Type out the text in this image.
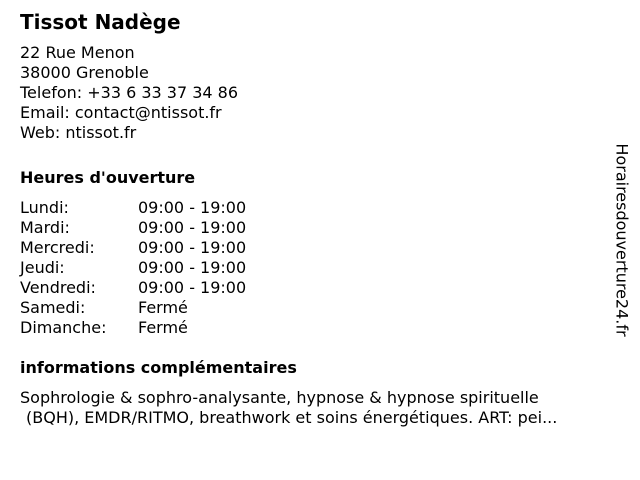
Tissot Nadège
22 Rue Menon
38000 Grenoble
Telefon: +33 6 33 37 34 86
Email: contact@ntissot.fr
Web: ntissot.fr
Heures d'ouverture
Lundi:	09:00 - 19:00
Mardi:	09:00 - 19:00
Mercredi:	09:00 - 19:00
Jeudi:	09:00 - 19:00
Vendredi:	09:00 - 19:00
Samedi:	Fermé
Dimanche:	Fermé
informations complémentaires
Sophrologie & sophro-analysante, hypnose & hypnose spirituelle
(BQH), EMDR/RITMO, breathwork et soins énergétiques. ART: pei...
Horairesdouverture24.fr
